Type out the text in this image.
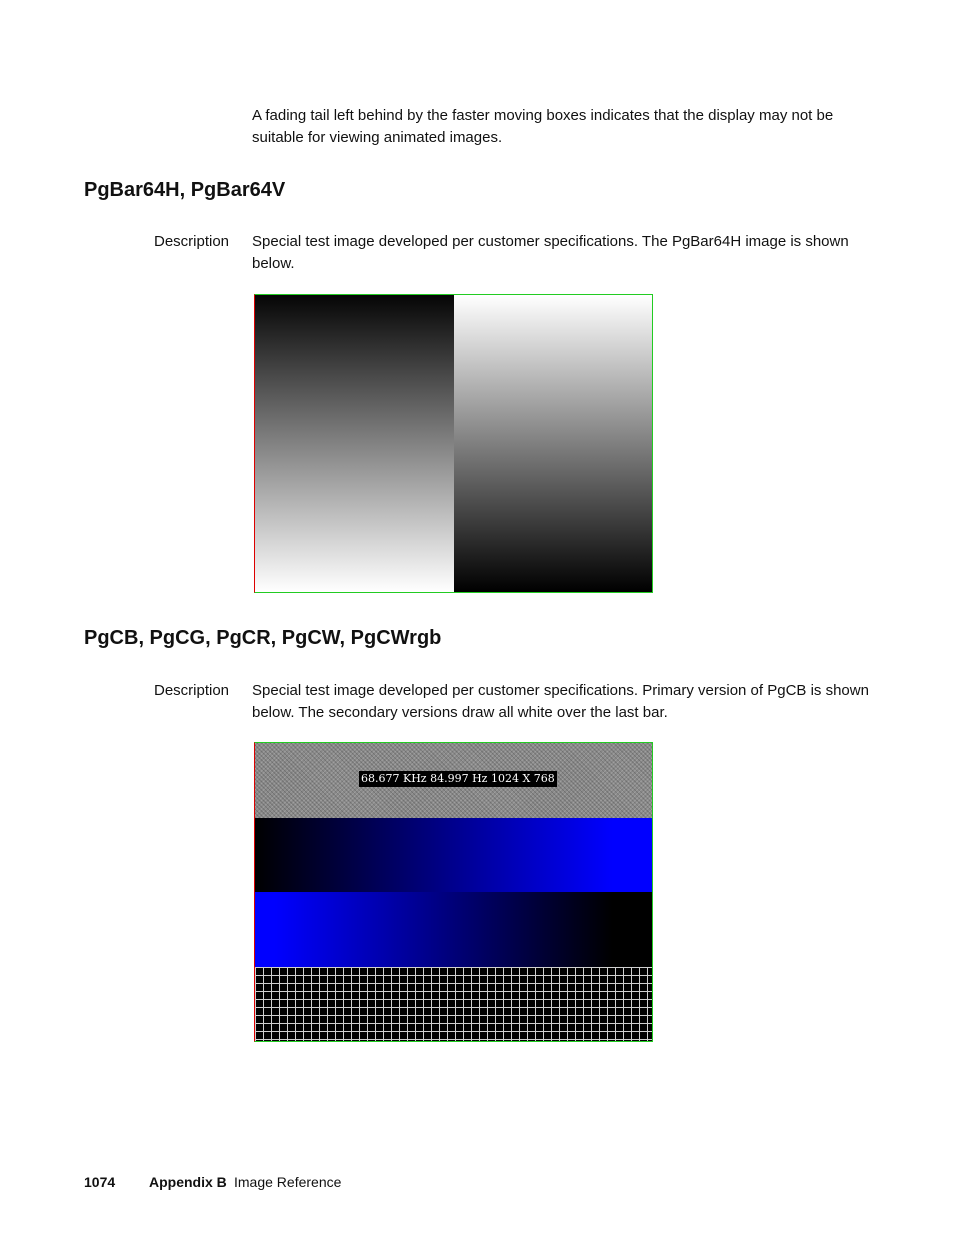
A fading tail left behind by the faster moving boxes indicates that the display may not be suitable for viewing animated images.

PgBar64H, PgBar64V
Description Special test image developed per customer specifications. The PgBar64H image is shown below.

PgCB, PgCG, PgCR, PgCW, PgCWrgb
Description Special test image developed per customer specifications. Primary version of PgCB is shown below. The secondary versions draw all white over the last bar.

68.677 KHz 84.997 Hz 1024 X 768
1074 Appendix B Image Reference
